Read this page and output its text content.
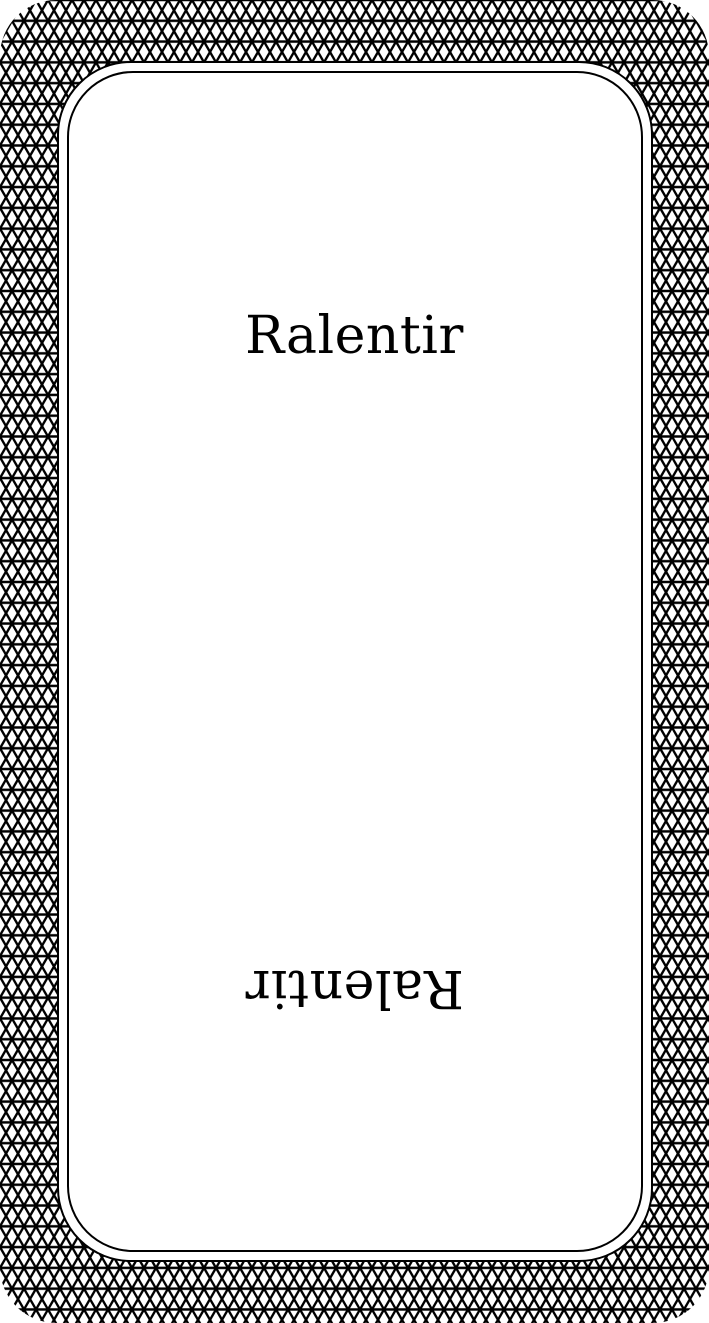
Ralentir
Ralentir
